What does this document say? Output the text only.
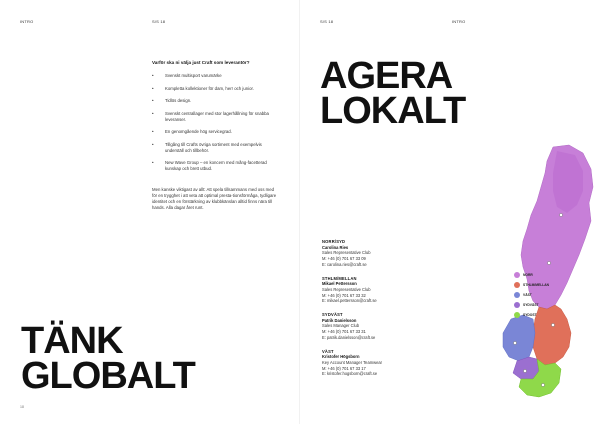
INTRO	S/S 18
Varför ska ni välja just Craft som leverantör?
• Svenskt multisport varumärke
• Kompletta kollektioner för dam, herr och junior.
• Tidlös design.
• Svenskt centrallager med stor lagerhållning för snabba leveranser.
• En genomgående hög servicegrad.
• Tillgång till Crafts övriga sortiment med exempelvis underställ och tillbehör.
• New Wave Group – en koncern med mång-facetterad kunskap och brett utbud.

Men kanske viktigast av allt: Att spela tillsammans med oss med för en trygghet i att veta att optimal presta-tionsförmåga, tydligare identitet och en förstärkning av klubbkänslan alltid finns nära till hands. Alla dagar året runt.

TÄNK
GLOBALT
18
S/S 18	INTRO
AGERA
LOKALT
NORR/SYD
Carolina Ries
Sales Representative Club
M: +46 (0) 701 67 33 09
E: carolina.ries@craft.se
STHLM/MELLAN
Mikael Pettersson
Sales Representative Club
M: +46 (0) 701 67 33 32
E: mikael.pettersson@craft.se
SYDVÄST
Patrik Danielsson
Sales Manager Club
M: +46 (0) 701 67 33 31
E: patrik.danielsson@craft.se
VÄST
Kristofer Högsborn
Key Account Manager Teamwear
M: +46 (0) 701 67 33 17
E: kristofer.hogsborn@craft.se
NORR
STHLM/MELLAN
VÄST
SYDVÄST
SYDOST
